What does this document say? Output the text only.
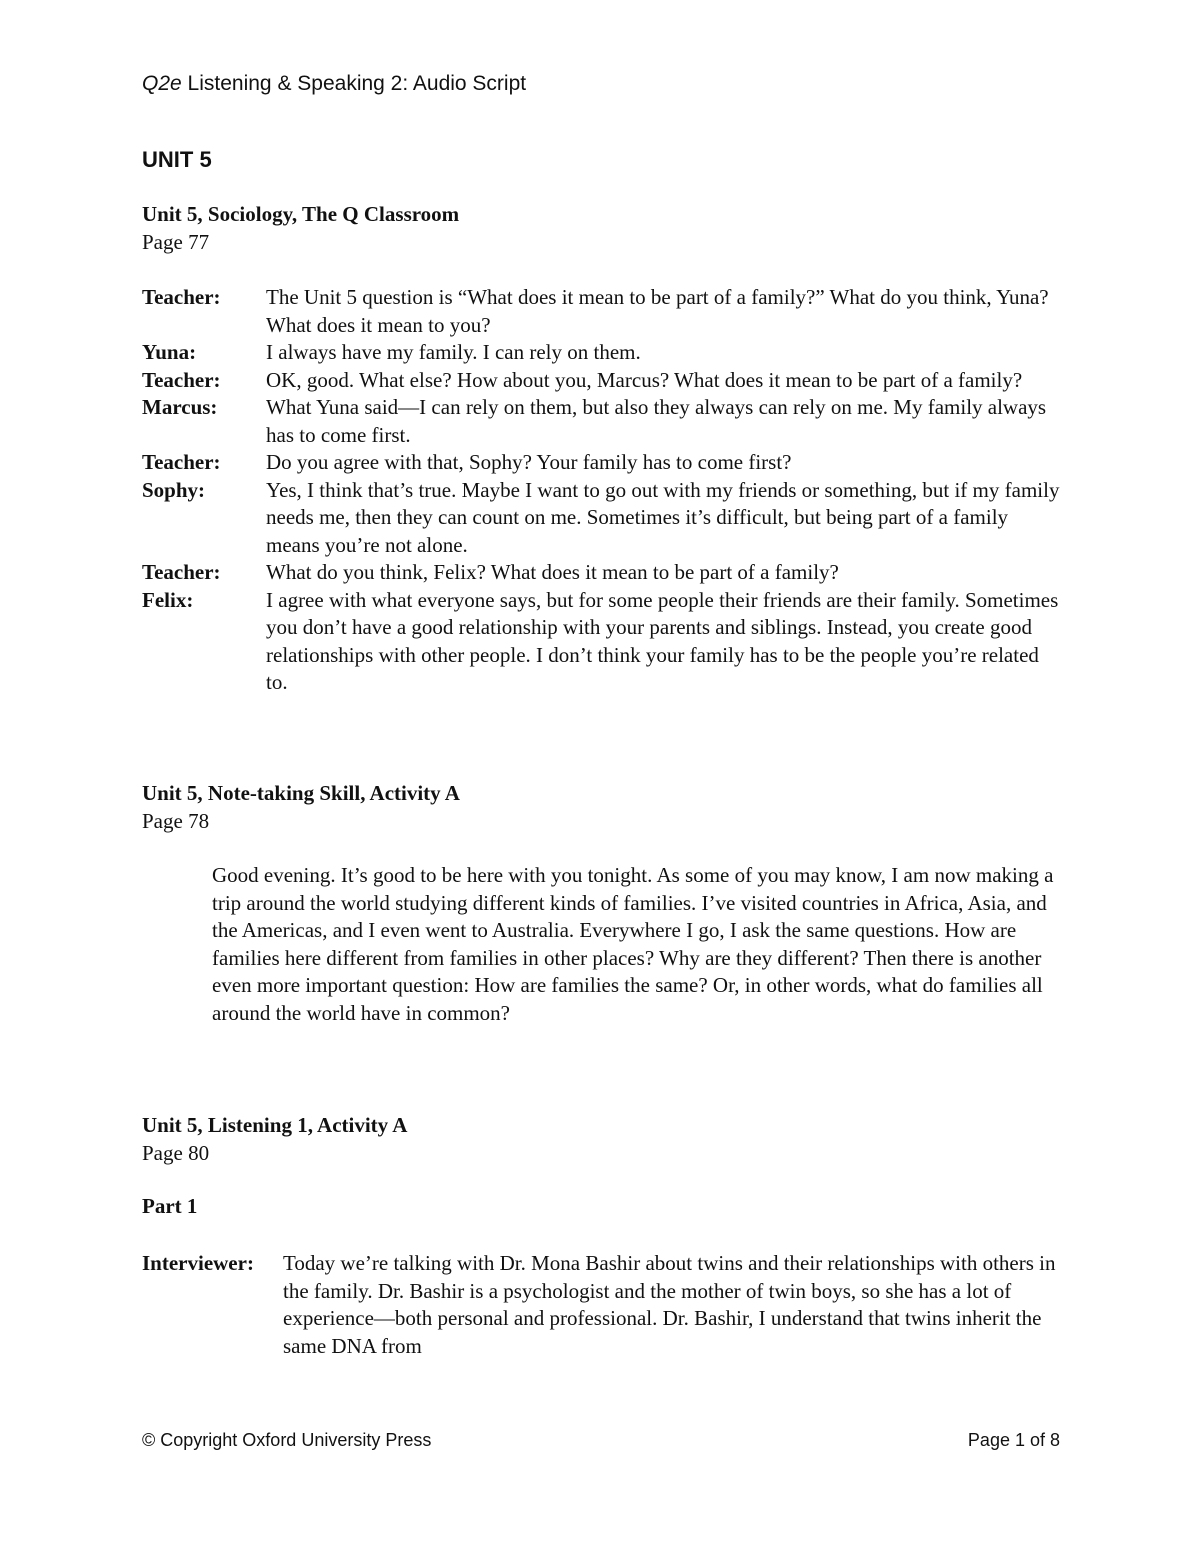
Q2e Listening & Speaking 2: Audio Script
UNIT 5
Unit 5, Sociology, The Q Classroom
Page 77
Teacher:	The Unit 5 question is “What does it mean to be part of a family?” What do you think, Yuna? What does it mean to you?
Yuna:	I always have my family. I can rely on them.
Teacher:	OK, good. What else? How about you, Marcus? What does it mean to be part of a family?
Marcus:	What Yuna said—I can rely on them, but also they always can rely on me. My family always has to come first.
Teacher:	Do you agree with that, Sophy? Your family has to come first?
Sophy:	Yes, I think that’s true. Maybe I want to go out with my friends or something, but if my family needs me, then they can count on me. Sometimes it’s difficult, but being part of a family means you’re not alone.
Teacher:	What do you think, Felix? What does it mean to be part of a family?
Felix:	I agree with what everyone says, but for some people their friends are their family. Sometimes you don’t have a good relationship with your parents and siblings. Instead, you create good relationships with other people. I don’t think your family has to be the people you’re related to.
Unit 5, Note-taking Skill, Activity A
Page 78
Good evening. It’s good to be here with you tonight. As some of you may know, I am now making a trip around the world studying different kinds of families. I’ve visited countries in Africa, Asia, and the Americas, and I even went to Australia. Everywhere I go, I ask the same questions. How are families here different from families in other places? Why are they different? Then there is another even more important question: How are families the same? Or, in other words, what do families all around the world have in common?
Unit 5, Listening 1, Activity A
Page 80
Part 1
Interviewer:	Today we’re talking with Dr. Mona Bashir about twins and their relationships with others in the family. Dr. Bashir is a psychologist and the mother of twin boys, so she has a lot of experience—both personal and professional. Dr. Bashir, I understand that twins inherit the same DNA from
© Copyright Oxford University Press	Page 1 of 8
